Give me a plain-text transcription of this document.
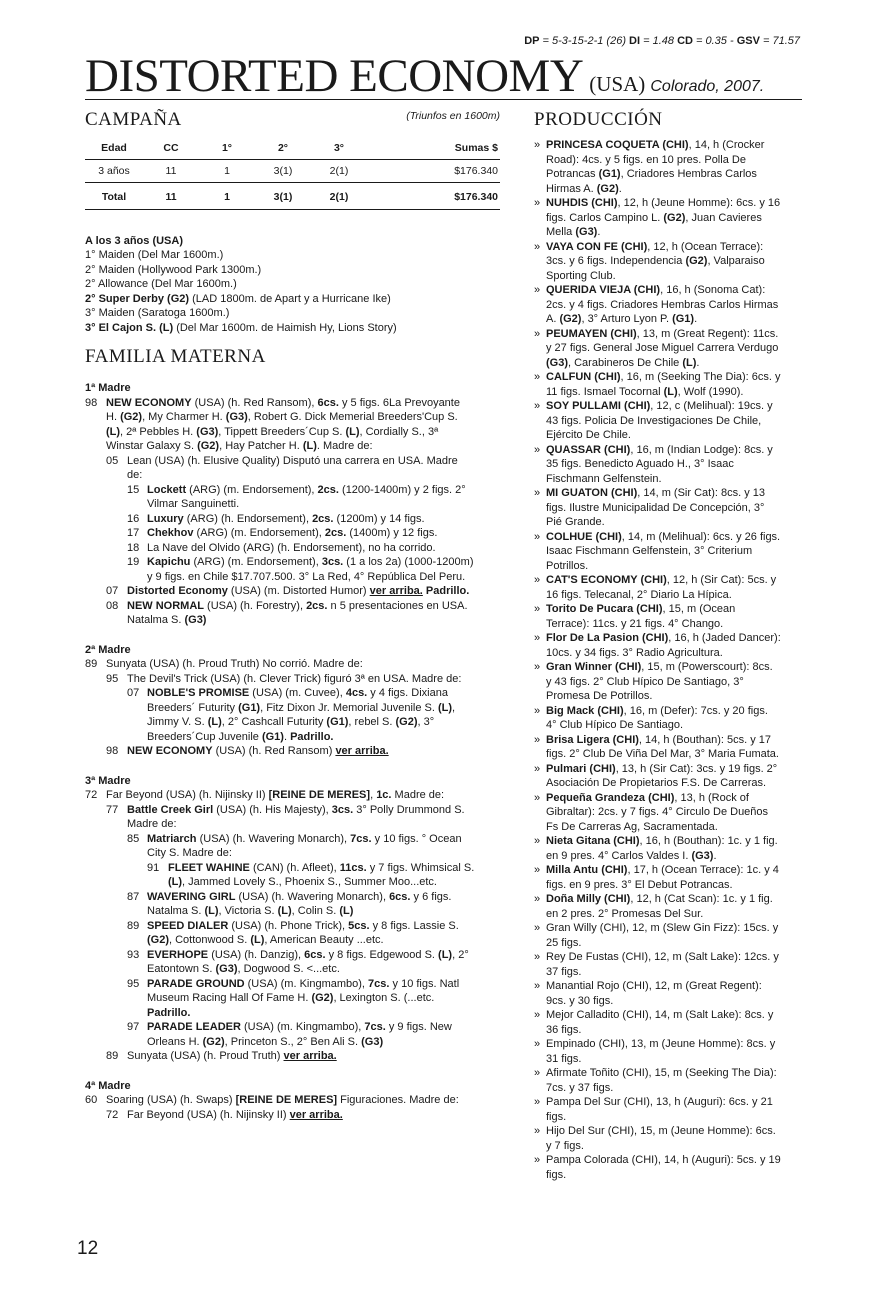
DP = 5-3-15-2-1 (26) DI = 1.48 CD = 0.35 - GSV = 71.57
DISTORTED ECONOMY (USA) Colorado, 2007.
CAMPAÑA	(Triunfos en 1600m)
Edad	CC	1°	2°	3°	Sumas $
3 años	11	1	3(1)	2(1)	$176.340
Total	11	1	3(1)	2(1)	$176.340
A los 3 años (USA)
1° Maiden (Del Mar 1600m.)
2° Maiden (Hollywood Park 1300m.)
2° Allowance (Del Mar 1600m.)
2° Super Derby (G2) (LAD 1800m. de Apart y a Hurricane Ike)
3° Maiden (Saratoga 1600m.)
3° El Cajon S. (L) (Del Mar 1600m. de Haimish Hy, Lions Story)
FAMILIA MATERNA
1ª Madre
98 NEW ECONOMY (USA) (h. Red Ransom), 6cs. y 5 figs. 6La Prevoyante
H. (G2), My Charmer H. (G3), Robert G. Dick Memerial Breeders'Cup S.
(L), 2ª Pebbles H. (G3), Tippett Breeders´Cup S. (L), Cordially S., 3ª
Winstar Galaxy S. (G2), Hay Patcher H. (L). Madre de:
05 Lean (USA) (h. Elusive Quality) Disputó una carrera en USA. Madre
de:
15 Lockett (ARG) (m. Endorsement), 2cs. (1200-1400m) y 2 figs. 2°
Vilmar Sanguinetti.
16 Luxury (ARG) (h. Endorsement), 2cs. (1200m) y 14 figs.
17 Chekhov (ARG) (m. Endorsement), 2cs. (1400m) y 12 figs.
18 La Nave del Olvido (ARG) (h. Endorsement), no ha corrido.
19 Kapichu (ARG) (m. Endorsement), 3cs. (1 a los 2a) (1000-1200m)
y 9 figs. en Chile $17.707.500. 3° La Red, 4° República Del Peru.
07 Distorted Economy (USA) (m. Distorted Humor) ver arriba. Padrillo.
08 NEW NORMAL (USA) (h. Forestry), 2cs. n 5 presentaciones en USA.
Natalma S. (G3)
2ª Madre
89 Sunyata (USA) (h. Proud Truth) No corrió. Madre de:
95 The Devil's Trick (USA) (h. Clever Trick) figuró 3ª en USA. Madre de:
07 NOBLE'S PROMISE (USA) (m. Cuvee), 4cs. y 4 figs. Dixiana
Breeders´ Futurity (G1), Fitz Dixon Jr. Memorial Juvenile S. (L),
Jimmy V. S. (L), 2° Cashcall Futurity (G1), rebel S. (G2), 3°
Breeders´Cup Juvenile (G1). Padrillo.
98 NEW ECONOMY (USA) (h. Red Ransom) ver arriba.
3ª Madre
72 Far Beyond (USA) (h. Nijinsky II) [REINE DE MERES], 1c. Madre de:
77 Battle Creek Girl (USA) (h. His Majesty), 3cs. 3° Polly Drummond S.
Madre de:
85 Matriarch (USA) (h. Wavering Monarch), 7cs. y 10 figs. ° Ocean
City S. Madre de:
91 FLEET WAHINE (CAN) (h. Afleet), 11cs. y 7 figs. Whimsical S.
(L), Jammed Lovely S., Phoenix S., Summer Moo...etc.
87 WAVERING GIRL (USA) (h. Wavering Monarch), 6cs. y 6 figs.
Natalma S. (L), Victoria S. (L), Colin S. (L)
89 SPEED DIALER (USA) (h. Phone Trick), 5cs. y 8 figs. Lassie S.
(G2), Cottonwood S. (L), American Beauty ...etc.
93 EVERHOPE (USA) (h. Danzig), 6cs. y 8 figs. Edgewood S. (L), 2°
Eatontown S. (G3), Dogwood S. <...etc.
95 PARADE GROUND (USA) (m. Kingmambo), 7cs. y 10 figs. Natl
Museum Racing Hall Of Fame H. (G2), Lexington S. (...etc.
Padrillo.
97 PARADE LEADER (USA) (m. Kingmambo), 7cs. y 9 figs. New
Orleans H. (G2), Princeton S., 2° Ben Ali S. (G3)
89 Sunyata (USA) (h. Proud Truth) ver arriba.
4ª Madre
60 Soaring (USA) (h. Swaps) [REINE DE MERES] Figuraciones. Madre de:
72 Far Beyond (USA) (h. Nijinsky II) ver arriba.
PRODUCCIÓN
» PRINCESA COQUETA (CHI), 14, h (Crocker
Road): 4cs. y 5 figs. en 10 pres. Polla De
Potrancas (G1), Criadores Hembras Carlos
Hirmas A. (G2).
» NUHDIS (CHI), 12, h (Jeune Homme): 6cs. y 16
figs. Carlos Campino L. (G2), Juan Cavieres
Mella (G3).
» VAYA CON FE (CHI), 12, h (Ocean Terrace):
3cs. y 6 figs. Independencia (G2), Valparaiso
Sporting Club.
» QUERIDA VIEJA (CHI), 16, h (Sonoma Cat):
2cs. y 4 figs. Criadores Hembras Carlos Hirmas
A. (G2), 3° Arturo Lyon P. (G1).
» PEUMAYEN (CHI), 13, m (Great Regent): 11cs.
y 27 figs. General Jose Miguel Carrera Verdugo
(G3), Carabineros De Chile (L).
» CALFUN (CHI), 16, m (Seeking The Dia): 6cs. y
11 figs. Ismael Tocornal (L), Wolf (1990).
» SOY PULLAMI (CHI), 12, c (Melihual): 19cs. y
43 figs. Policia De Investigaciones De Chile,
Ejército De Chile.
» QUASSAR (CHI), 16, m (Indian Lodge): 8cs. y
35 figs. Benedicto Aguado H., 3° Isaac
Fischmann Gelfenstein.
» MI GUATON (CHI), 14, m (Sir Cat): 8cs. y 13
figs. Ilustre Municipalidad De Concepción, 3°
Pié Grande.
» COLHUE (CHI), 14, m (Melihual): 6cs. y 26 figs.
Isaac Fischmann Gelfenstein, 3° Criterium
Potrillos.
» CAT'S ECONOMY (CHI), 12, h (Sir Cat): 5cs. y
16 figs. Telecanal, 2° Diario La Hípica.
» Torito De Pucara (CHI), 15, m (Ocean
Terrace): 11cs. y 21 figs. 4° Chango.
» Flor De La Pasion (CHI), 16, h (Jaded Dancer):
10cs. y 34 figs. 3° Radio Agricultura.
» Gran Winner (CHI), 15, m (Powerscourt): 8cs.
y 43 figs. 2° Club Hípico De Santiago, 3°
Promesa De Potrillos.
» Big Mack (CHI), 16, m (Defer): 7cs. y 20 figs.
4° Club Hípico De Santiago.
» Brisa Ligera (CHI), 14, h (Bouthan): 5cs. y 17
figs. 2° Club De Viña Del Mar, 3° Maria Fumata.
» Pulmari (CHI), 13, h (Sir Cat): 3cs. y 19 figs. 2°
Asociación De Propietarios F.S. De Carreras.
» Pequeña Grandeza (CHI), 13, h (Rock of
Gibraltar): 2cs. y 7 figs. 4° Circulo De Dueños
Fs De Carreras Ag, Sacramentada.
» Nieta Gitana (CHI), 16, h (Bouthan): 1c. y 1 fig.
en 9 pres. 4° Carlos Valdes I. (G3).
» Milla Antu (CHI), 17, h (Ocean Terrace): 1c. y 4
figs. en 9 pres. 3° El Debut Potrancas.
» Doña Milly (CHI), 12, h (Cat Scan): 1c. y 1 fig.
en 2 pres. 2° Promesas Del Sur.
» Gran Willy (CHI), 12, m (Slew Gin Fizz): 15cs. y
25 figs.
» Rey De Fustas (CHI), 12, m (Salt Lake): 12cs. y
37 figs.
» Manantial Rojo (CHI), 12, m (Great Regent):
9cs. y 30 figs.
» Mejor Calladito (CHI), 14, m (Salt Lake): 8cs. y
36 figs.
» Empinado (CHI), 13, m (Jeune Homme): 8cs. y
31 figs.
» Afirmate Toñito (CHI), 15, m (Seeking The Dia):
7cs. y 37 figs.
» Pampa Del Sur (CHI), 13, h (Auguri): 6cs. y 21
figs.
» Hijo Del Sur (CHI), 15, m (Jeune Homme): 6cs.
y 7 figs.
» Pampa Colorada (CHI), 14, h (Auguri): 5cs. y 19
figs.
12
